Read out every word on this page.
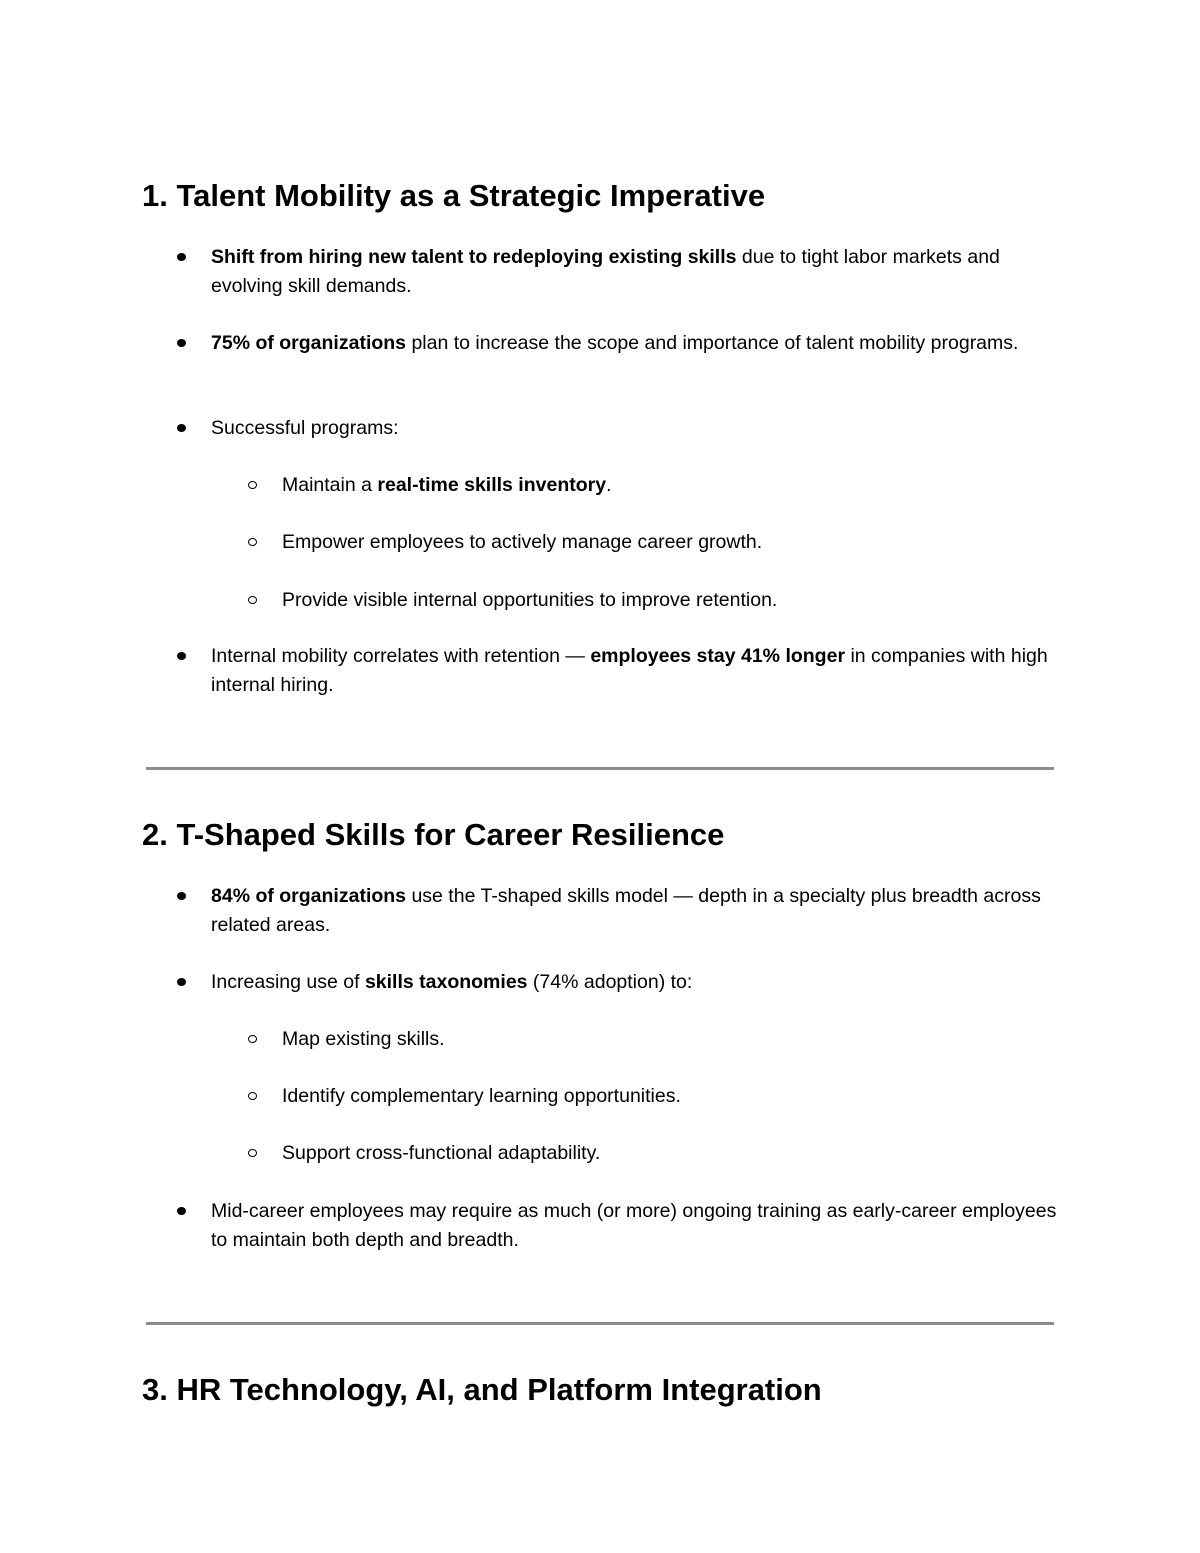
1. Talent Mobility as a Strategic Imperative
Shift from hiring new talent to redeploying existing skills due to tight labor markets and evolving skill demands.
75% of organizations plan to increase the scope and importance of talent mobility programs.
Successful programs:
Maintain a real-time skills inventory.
Empower employees to actively manage career growth.
Provide visible internal opportunities to improve retention.
Internal mobility correlates with retention — employees stay 41% longer in companies with high internal hiring.
2. T-Shaped Skills for Career Resilience
84% of organizations use the T-shaped skills model — depth in a specialty plus breadth across related areas.
Increasing use of skills taxonomies (74% adoption) to:
Map existing skills.
Identify complementary learning opportunities.
Support cross-functional adaptability.
Mid-career employees may require as much (or more) ongoing training as early-career employees to maintain both depth and breadth.
3. HR Technology, AI, and Platform Integration
